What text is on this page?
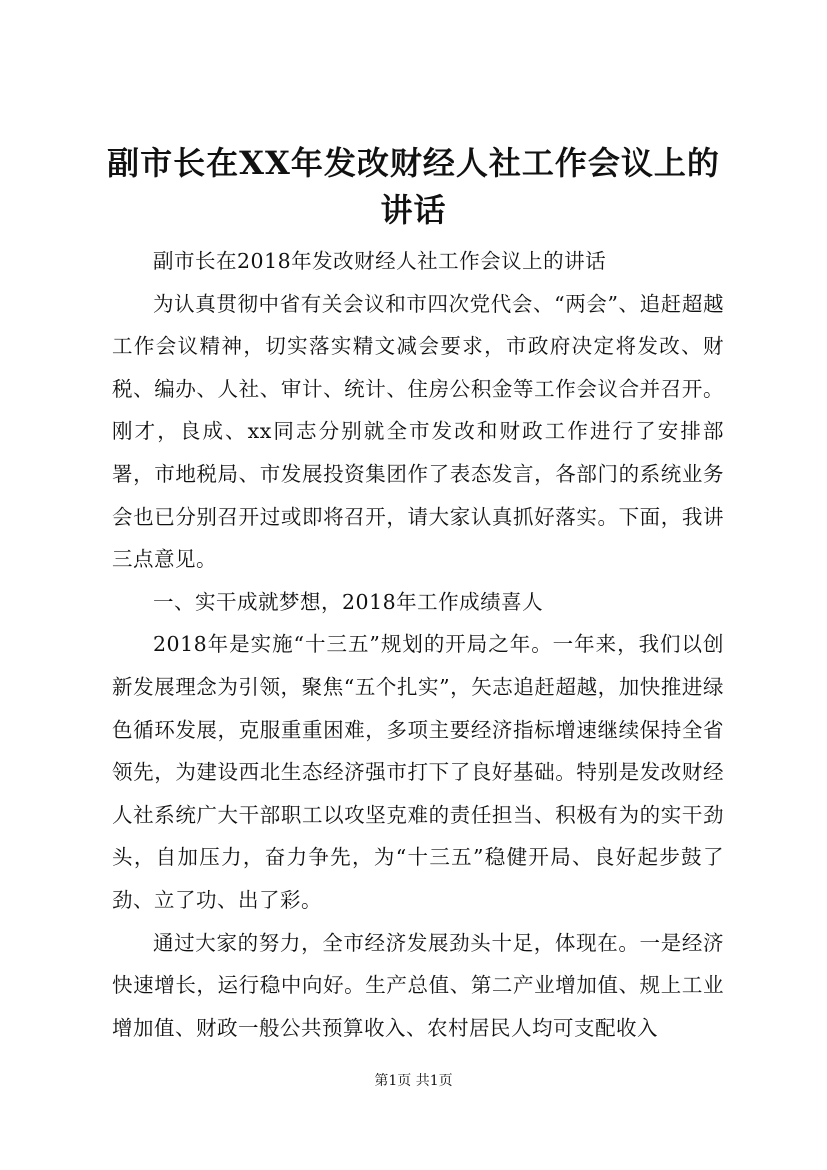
副市长在XX年发改财经人社工作会议上的讲话

副市长在2018年发改财经人社工作会议上的讲话

为认真贯彻中省有关会议和市四次党代会、“两会”、追赶超越工作会议精神，切实落实精文减会要求，市政府决定将发改、财税、编办、人社、审计、统计、住房公积金等工作会议合并召开。刚才，良成、xx同志分别就全市发改和财政工作进行了安排部署，市地税局、市发展投资集团作了表态发言，各部门的系统业务会也已分别召开过或即将召开，请大家认真抓好落实。下面，我讲三点意见。

一、实干成就梦想，2018年工作成绩喜人

2018年是实施“十三五”规划的开局之年。一年来，我们以创新发展理念为引领，聚焦“五个扎实”，矢志追赶超越，加快推进绿色循环发展，克服重重困难，多项主要经济指标增速继续保持全省领先，为建设西北生态经济强市打下了良好基础。特别是发改财经人社系统广大干部职工以攻坚克难的责任担当、积极有为的实干劲头，自加压力，奋力争先，为“十三五”稳健开局、良好起步鼓了劲、立了功、出了彩。

通过大家的努力，全市经济发展劲头十足，体现在。一是经济快速增长，运行稳中向好。生产总值、第二产业增加值、规上工业增加值、财政一般公共预算收入、农村居民人均可支配收入

第1页 共1页
